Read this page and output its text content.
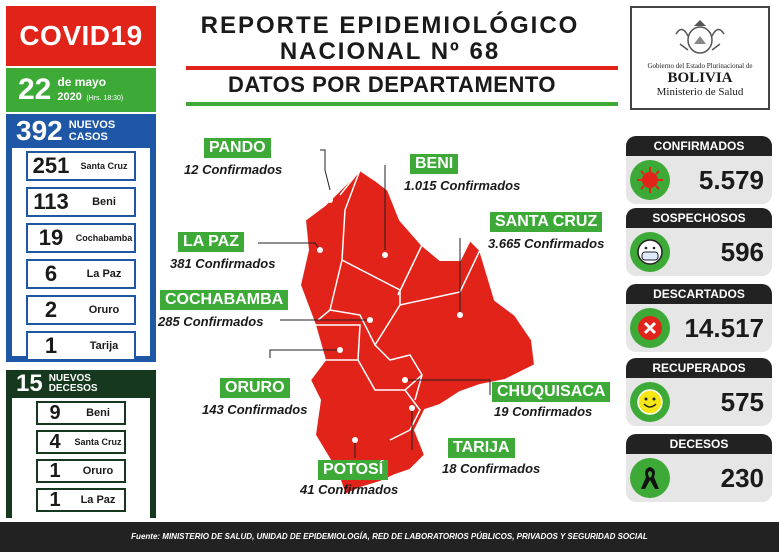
COVID19
22 de mayo
2020 (Hrs. 18:30)
392 NUEVOS
CASOS
251	Santa Cruz
113	Beni
19	Cochabamba
6	La Paz
2	Oruro
1	Tarija
15 NUEVOS
DECESOS
9	Beni
4	Santa Cruz
1	Oruro
1	La Paz
REPORTE EPIDEMIOLÓGICO
NACIONAL Nº 68
DATOS POR DEPARTAMENTO
Gobierno del Estado Plurinacional de
BOLIVIA
Ministerio de Salud
PANDO
12 Confirmados	BENI
1.015 Confirmados
LA PAZ
381 Confirmados
SANTA CRUZ
3.665 Confirmados
COCHABAMBA
285 Confirmados
ORURO
143 Confirmados
CHUQUISACA
19 Confirmados
TARIJA
18 Confirmados
POTOSÍ
41 Confirmados
CONFIRMADOS
5.579
SOSPECHOSOS
596
DESCARTADOS
14.517
RECUPERADOS
575
DECESOS
230
Fuente: MINISTERIO DE SALUD, UNIDAD DE EPIDEMIOLOGÍA, RED DE LABORATORIOS PÚBLICOS, PRIVADOS Y SEGURIDAD SOCIAL
